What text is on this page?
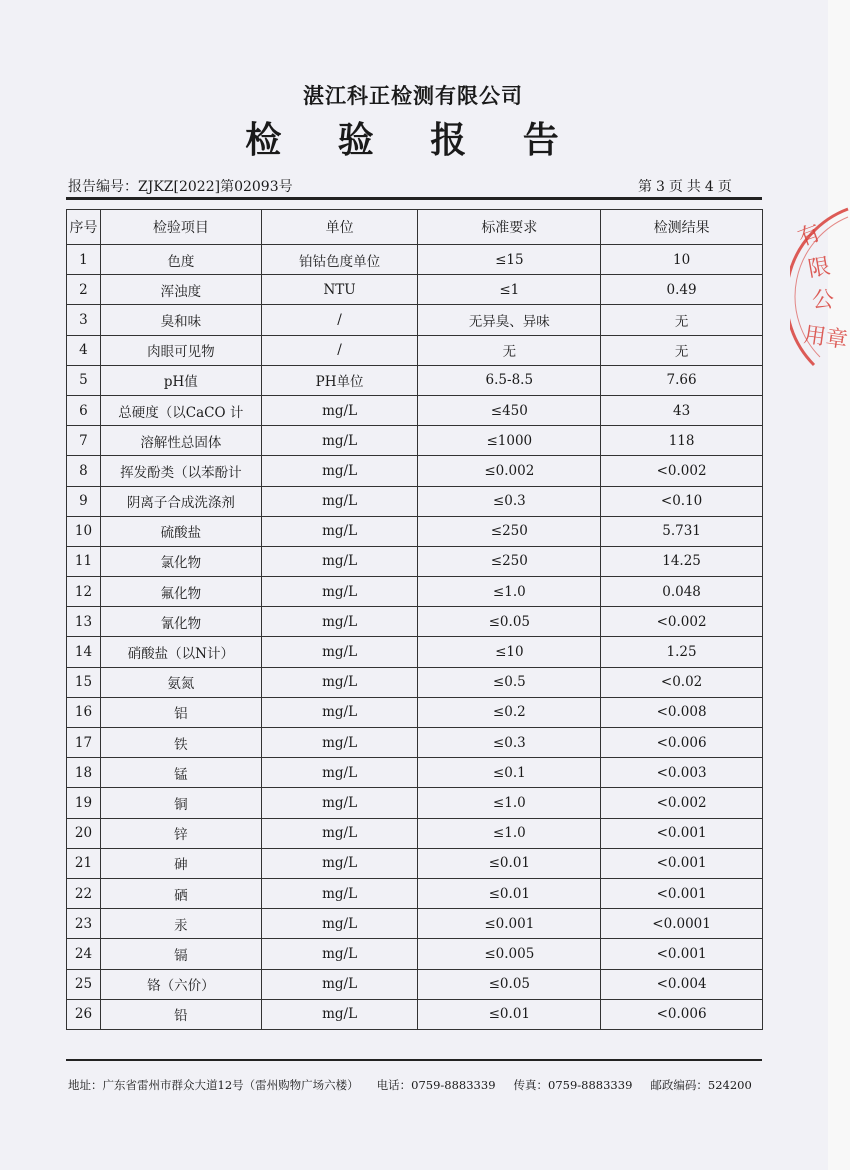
湛江科正检测有限公司
检 验 报 告
报告编号：ZJKZ[2022]第02093号	第 3 页 共 4 页
序号	检验项目	单位	标准要求	检测结果
1	色度	铂钴色度单位	≤15	10
2	浑浊度	NTU	≤1	0.49
3	臭和味	/	无异臭、异味	无
4	肉眼可见物	/	无	无
5	pH值	PH单位	6.5-8.5	7.66
6	总硬度（以CaCO 计	mg/L	≤450	43
7	溶解性总固体	mg/L	≤1000	118
8	挥发酚类（以苯酚计	mg/L	≤0.002	<0.002
9	阴离子合成洗涤剂	mg/L	≤0.3	<0.10
10	硫酸盐	mg/L	≤250	5.731
11	氯化物	mg/L	≤250	14.25
12	氟化物	mg/L	≤1.0	0.048
13	氰化物	mg/L	≤0.05	<0.002
14	硝酸盐（以N计）	mg/L	≤10	1.25
15	氨氮	mg/L	≤0.5	<0.02
16	铝	mg/L	≤0.2	<0.008
17	铁	mg/L	≤0.3	<0.006
18	锰	mg/L	≤0.1	<0.003
19	铜	mg/L	≤1.0	<0.002
20	锌	mg/L	≤1.0	<0.001
21	砷	mg/L	≤0.01	<0.001
22	硒	mg/L	≤0.01	<0.001
23	汞	mg/L	≤0.001	<0.0001
24	镉	mg/L	≤0.005	<0.001
25	铬（六价）	mg/L	≤0.05	<0.004
26	铅	mg/L	≤0.01	<0.006
地址：广东省雷州市群众大道12号（雷州购物广场六楼） 电话：0759-8883339 传真：0759-8883339 邮政编码：524200
有
限
公
用章
